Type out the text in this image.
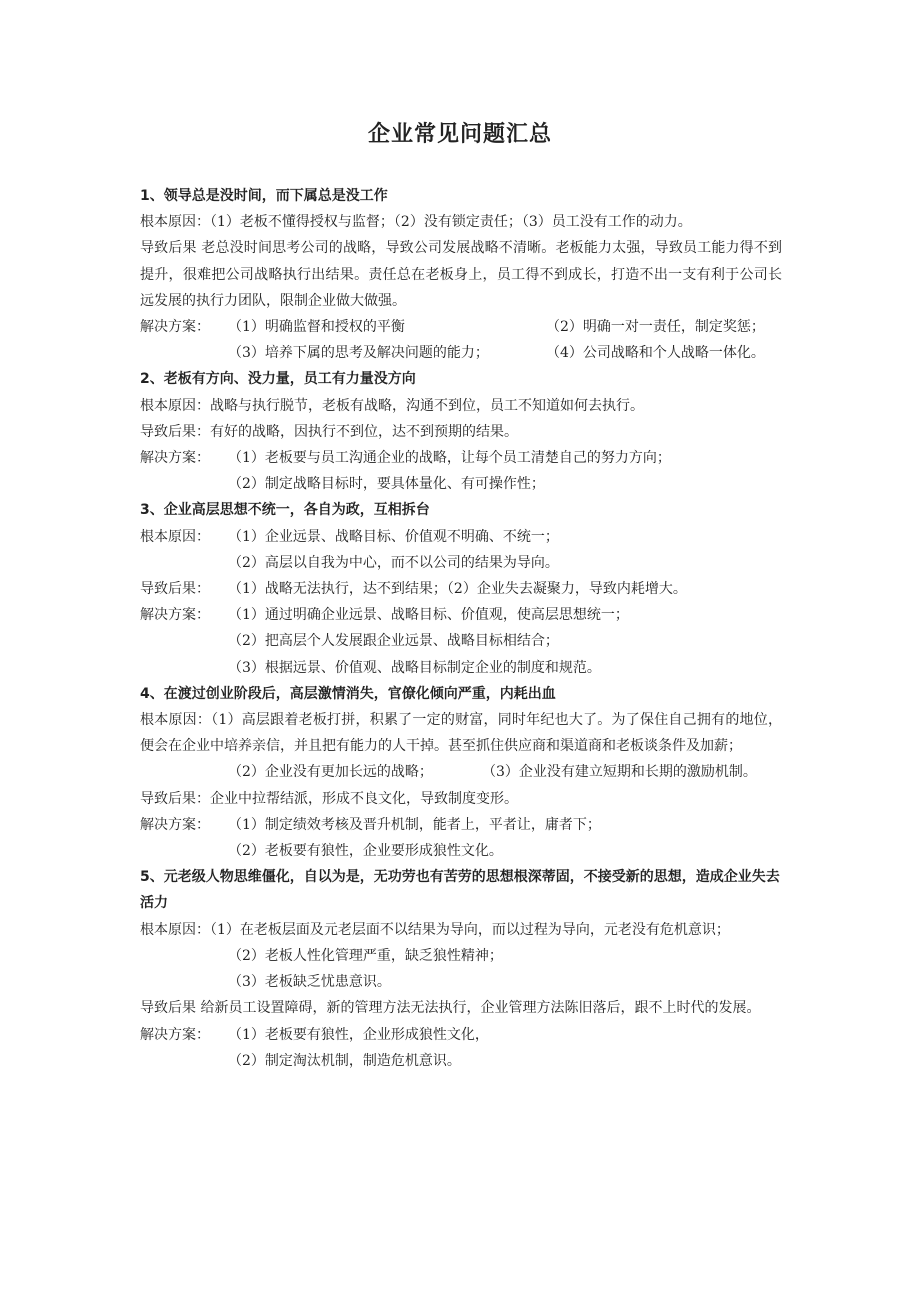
企业常见问题汇总

1、领导总是没时间，而下属总是没工作

根本原因：（1）老板不懂得授权与监督；（2）没有锁定责任；（3）员工没有工作的动力。

导致后果 老总没时间思考公司的战略，导致公司发展战略不清晰。老板能力太强，导致员工能力得不到提升，很难把公司战略执行出结果。责任总在老板身上，员工得不到成长，打造不出一支有利于公司长远发展的执行力团队，限制企业做大做强。

解决方案：	（1）明确监督和授权的平衡	（2）明确一对一责任，制定奖惩；
（3）培养下属的思考及解决问题的能力；	（4）公司战略和个人战略一体化。

2、老板有方向、没力量，员工有力量没方向

根本原因：战略与执行脱节，老板有战略，沟通不到位，员工不知道如何去执行。

导致后果：有好的战略，因执行不到位，达不到预期的结果。

解决方案：	（1）老板要与员工沟通企业的战略，让每个员工清楚自己的努力方向；
（2）制定战略目标时，要具体量化、有可操作性；

3、企业高层思想不统一，各自为政，互相拆台

根本原因：	（1）企业远景、战略目标、价值观不明确、不统一；
（2）高层以自我为中心，而不以公司的结果为导向。
导致后果：	（1）战略无法执行，达不到结果；（2）企业失去凝聚力，导致内耗增大。
解决方案：	（1）通过明确企业远景、战略目标、价值观，使高层思想统一；
（2）把高层个人发展跟企业远景、战略目标相结合；
（3）根据远景、价值观、战略目标制定企业的制度和规范。

4、在渡过创业阶段后，高层激情消失，官僚化倾向严重，内耗出血

根本原因：（1）高层跟着老板打拼，积累了一定的财富，同时年纪也大了。为了保住自己拥有的地位，便会在企业中培养亲信，并且把有能力的人干掉。甚至抓住供应商和渠道商和老板谈条件及加薪；

（2）企业没有更加长远的战略；	（3）企业没有建立短期和长期的激励机制。

导致后果：企业中拉帮结派，形成不良文化，导致制度变形。

解决方案：	（1）制定绩效考核及晋升机制，能者上，平者让，庸者下；
（2）老板要有狼性，企业要形成狼性文化。

5、元老级人物思维僵化，自以为是，无功劳也有苦劳的思想根深蒂固，不接受新的思想，造成企业失去活力

根本原因：（1）在老板层面及元老层面不以结果为导向，而以过程为导向，元老没有危机意识；

（2）老板人性化管理严重，缺乏狼性精神；
（3）老板缺乏忧患意识。

导致后果 给新员工设置障碍，新的管理方法无法执行，企业管理方法陈旧落后，跟不上时代的发展。

解决方案：	（1）老板要有狼性，企业形成狼性文化，
（2）制定淘汰机制，制造危机意识。
